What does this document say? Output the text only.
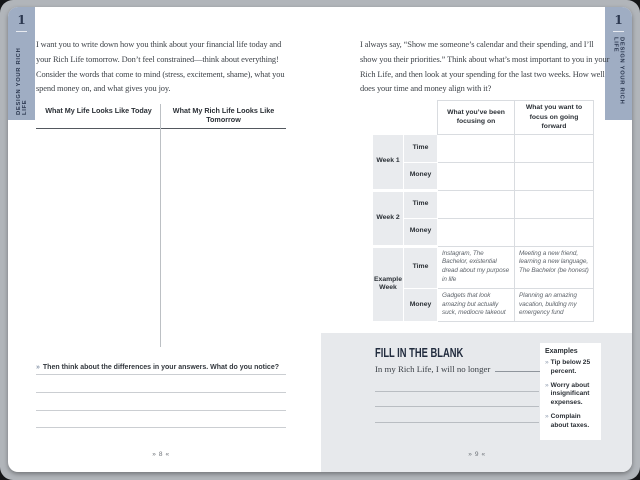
1
DESIGN YOUR RICH LIFE
1
DESIGN YOUR RICH LIFE

I want you to write down how you think about your financial life today and your Rich Life tomorrow. Don’t feel constrained—think about everything! Consider the words that come to mind (stress, excitement, shame), what you spend money on, and what gives you joy.

What My Life Looks Like Today	What My Rich Life Looks Like Tomorrow

» Then think about the differences in your answers. What do you notice?

» 8 «

I always say, “Show me someone’s calendar and their spending, and I’ll show you their priorities.” Think about what’s most important to you in your Rich Life, and then look at your spending for the last two weeks. How well does your time and money align with it?

		What you’ve been focusing on	What you want to focus on going forward
Week 1	Time		
	Money		
Week 2	Time		
	Money		
Example Week	Time	Instagram, The Bachelor, existential dread about my purpose in life	Meeting a new friend, learning a new language, The Bachelor (be honest)
	Money	Gadgets that look amazing but actually suck, mediocre takeout	Planning an amazing vacation, building my emergency fund
FILL IN THE BLANK
In my Rich Life, I will no longer
Examples
» Tip below 25 percent.
» Worry about insignificant expenses.
» Complain about taxes.
» 9 «
